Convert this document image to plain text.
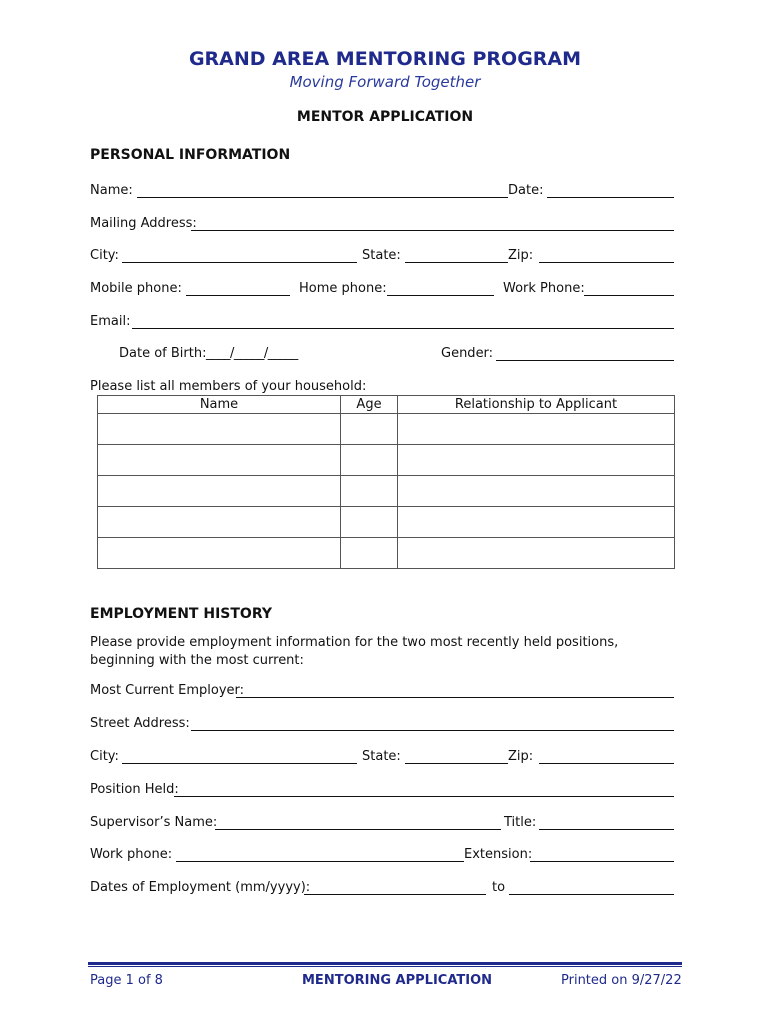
GRAND AREA MENTORING PROGRAM
Moving Forward Together
MENTOR APPLICATION
PERSONAL INFORMATION
Name:	Date:
Mailing Address:
City:	State:	Zip:
Mobile phone:	Home phone:	Work Phone:
Email:
Date of Birth: ____/_____/_____	Gender:
Please list all members of your household:
Name	Age	Relationship to Applicant

EMPLOYMENT HISTORY
Please provide employment information for the two most recently held positions, beginning with the most current:
Most Current Employer:
Street Address:
City:	State:	Zip:
Position Held:
Supervisor’s Name:	Title:
Work phone:	Extension:
Dates of Employment (mm/yyyy):	to
Page 1 of 8	MENTORING APPLICATION	Printed on 9/27/22
